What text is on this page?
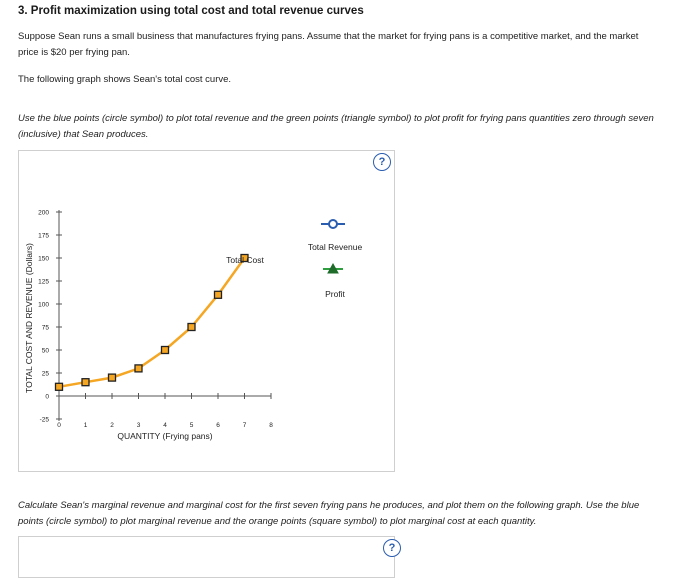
3. Profit maximization using total cost and total revenue curves
Suppose Sean runs a small business that manufactures frying pans. Assume that the market for frying pans is a competitive market, and the market price is $20 per frying pan.
The following graph shows Sean's total cost curve.
Use the blue points (circle symbol) to plot total revenue and the green points (triangle symbol) to plot profit for frying pans quantities zero through seven (inclusive) that Sean produces.
?
-25
0
25
50
75
100
125
150
175
200
0	1	2	3	4	5	6	7	8
TOTAL COST AND REVENUE (Dollars)
QUANTITY (Frying pans)
Total Cost
Total Revenue
Profit
Calculate Sean's marginal revenue and marginal cost for the first seven frying pans he produces, and plot them on the following graph. Use the blue points (circle symbol) to plot marginal revenue and the orange points (square symbol) to plot marginal cost at each quantity.
?
